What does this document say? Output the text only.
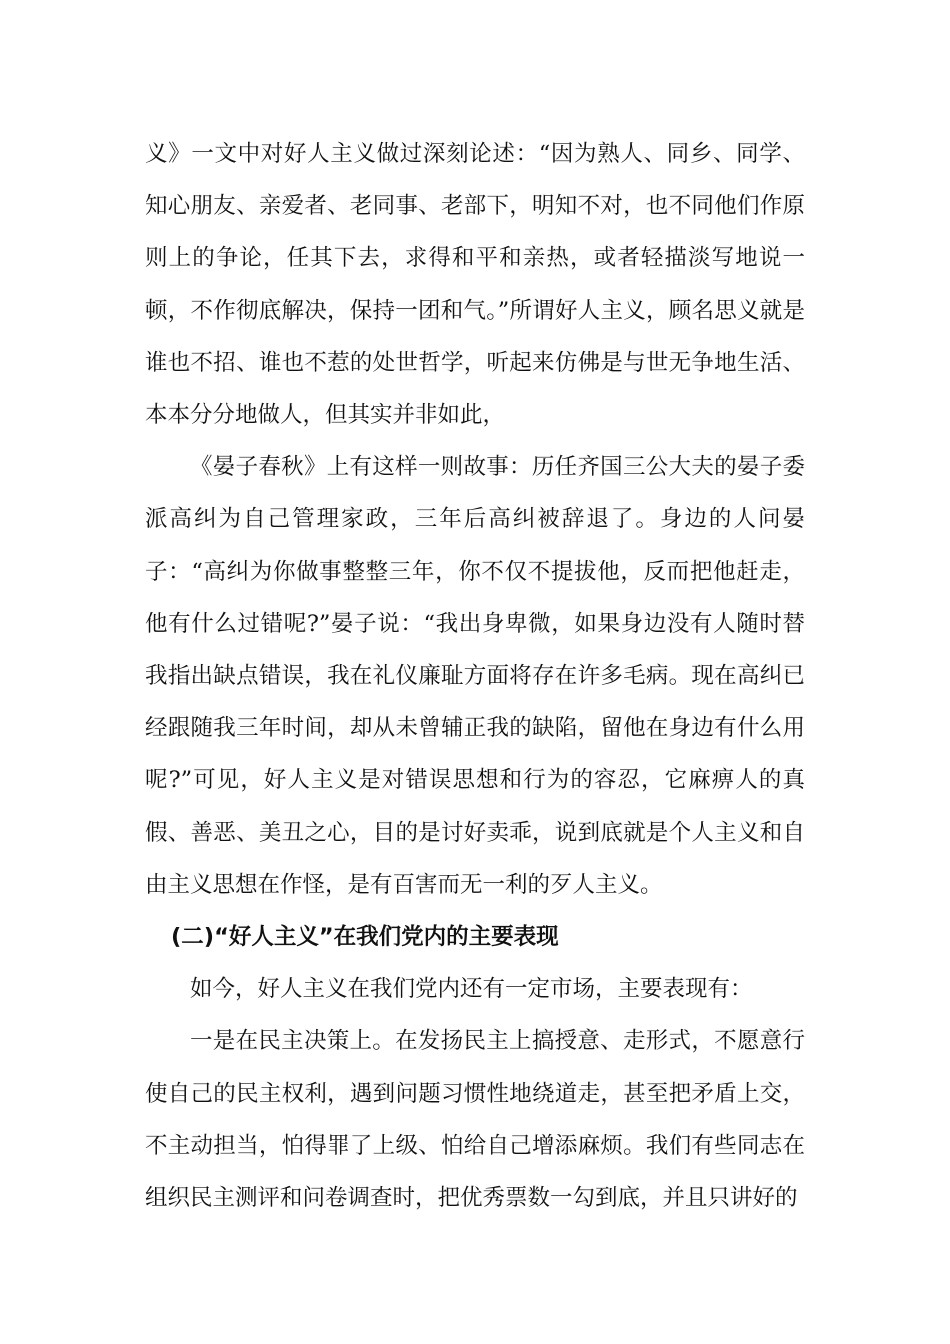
义》一文中对好人主义做过深刻论述：“因为熟人、同乡、同学、知心朋友、亲爱者、老同事、老部下，明知不对，也不同他们作原则上的争论，任其下去，求得和平和亲热，或者轻描淡写地说一顿，不作彻底解决，保持一团和气。”所谓好人主义，顾名思义就是谁也不招、谁也不惹的处世哲学，听起来仿佛是与世无争地生活、本本分分地做人，但其实并非如此，

《晏子春秋》上有这样一则故事：历任齐国三公大夫的晏子委派高纠为自己管理家政，三年后高纠被辞退了。身边的人问晏子：“高纠为你做事整整三年，你不仅不提拔他，反而把他赶走，他有什么过错呢?”晏子说：“我出身卑微，如果身边没有人随时替我指出缺点错误，我在礼仪廉耻方面将存在许多毛病。现在高纠已经跟随我三年时间，却从未曾辅正我的缺陷，留他在身边有什么用呢?”可见，好人主义是对错误思想和行为的容忍，它麻痹人的真假、善恶、美丑之心，目的是讨好卖乖，说到底就是个人主义和自由主义思想在作怪，是有百害而无一利的歹人主义。

(二)“好人主义”在我们党内的主要表现

如今，好人主义在我们党内还有一定市场，主要表现有：

一是在民主决策上。在发扬民主上搞授意、走形式，不愿意行使自己的民主权利，遇到问题习惯性地绕道走，甚至把矛盾上交，不主动担当，怕得罪了上级、怕给自己增添麻烦。我们有些同志在组织民主测评和问卷调查时，把优秀票数一勾到底，并且只讲好的
